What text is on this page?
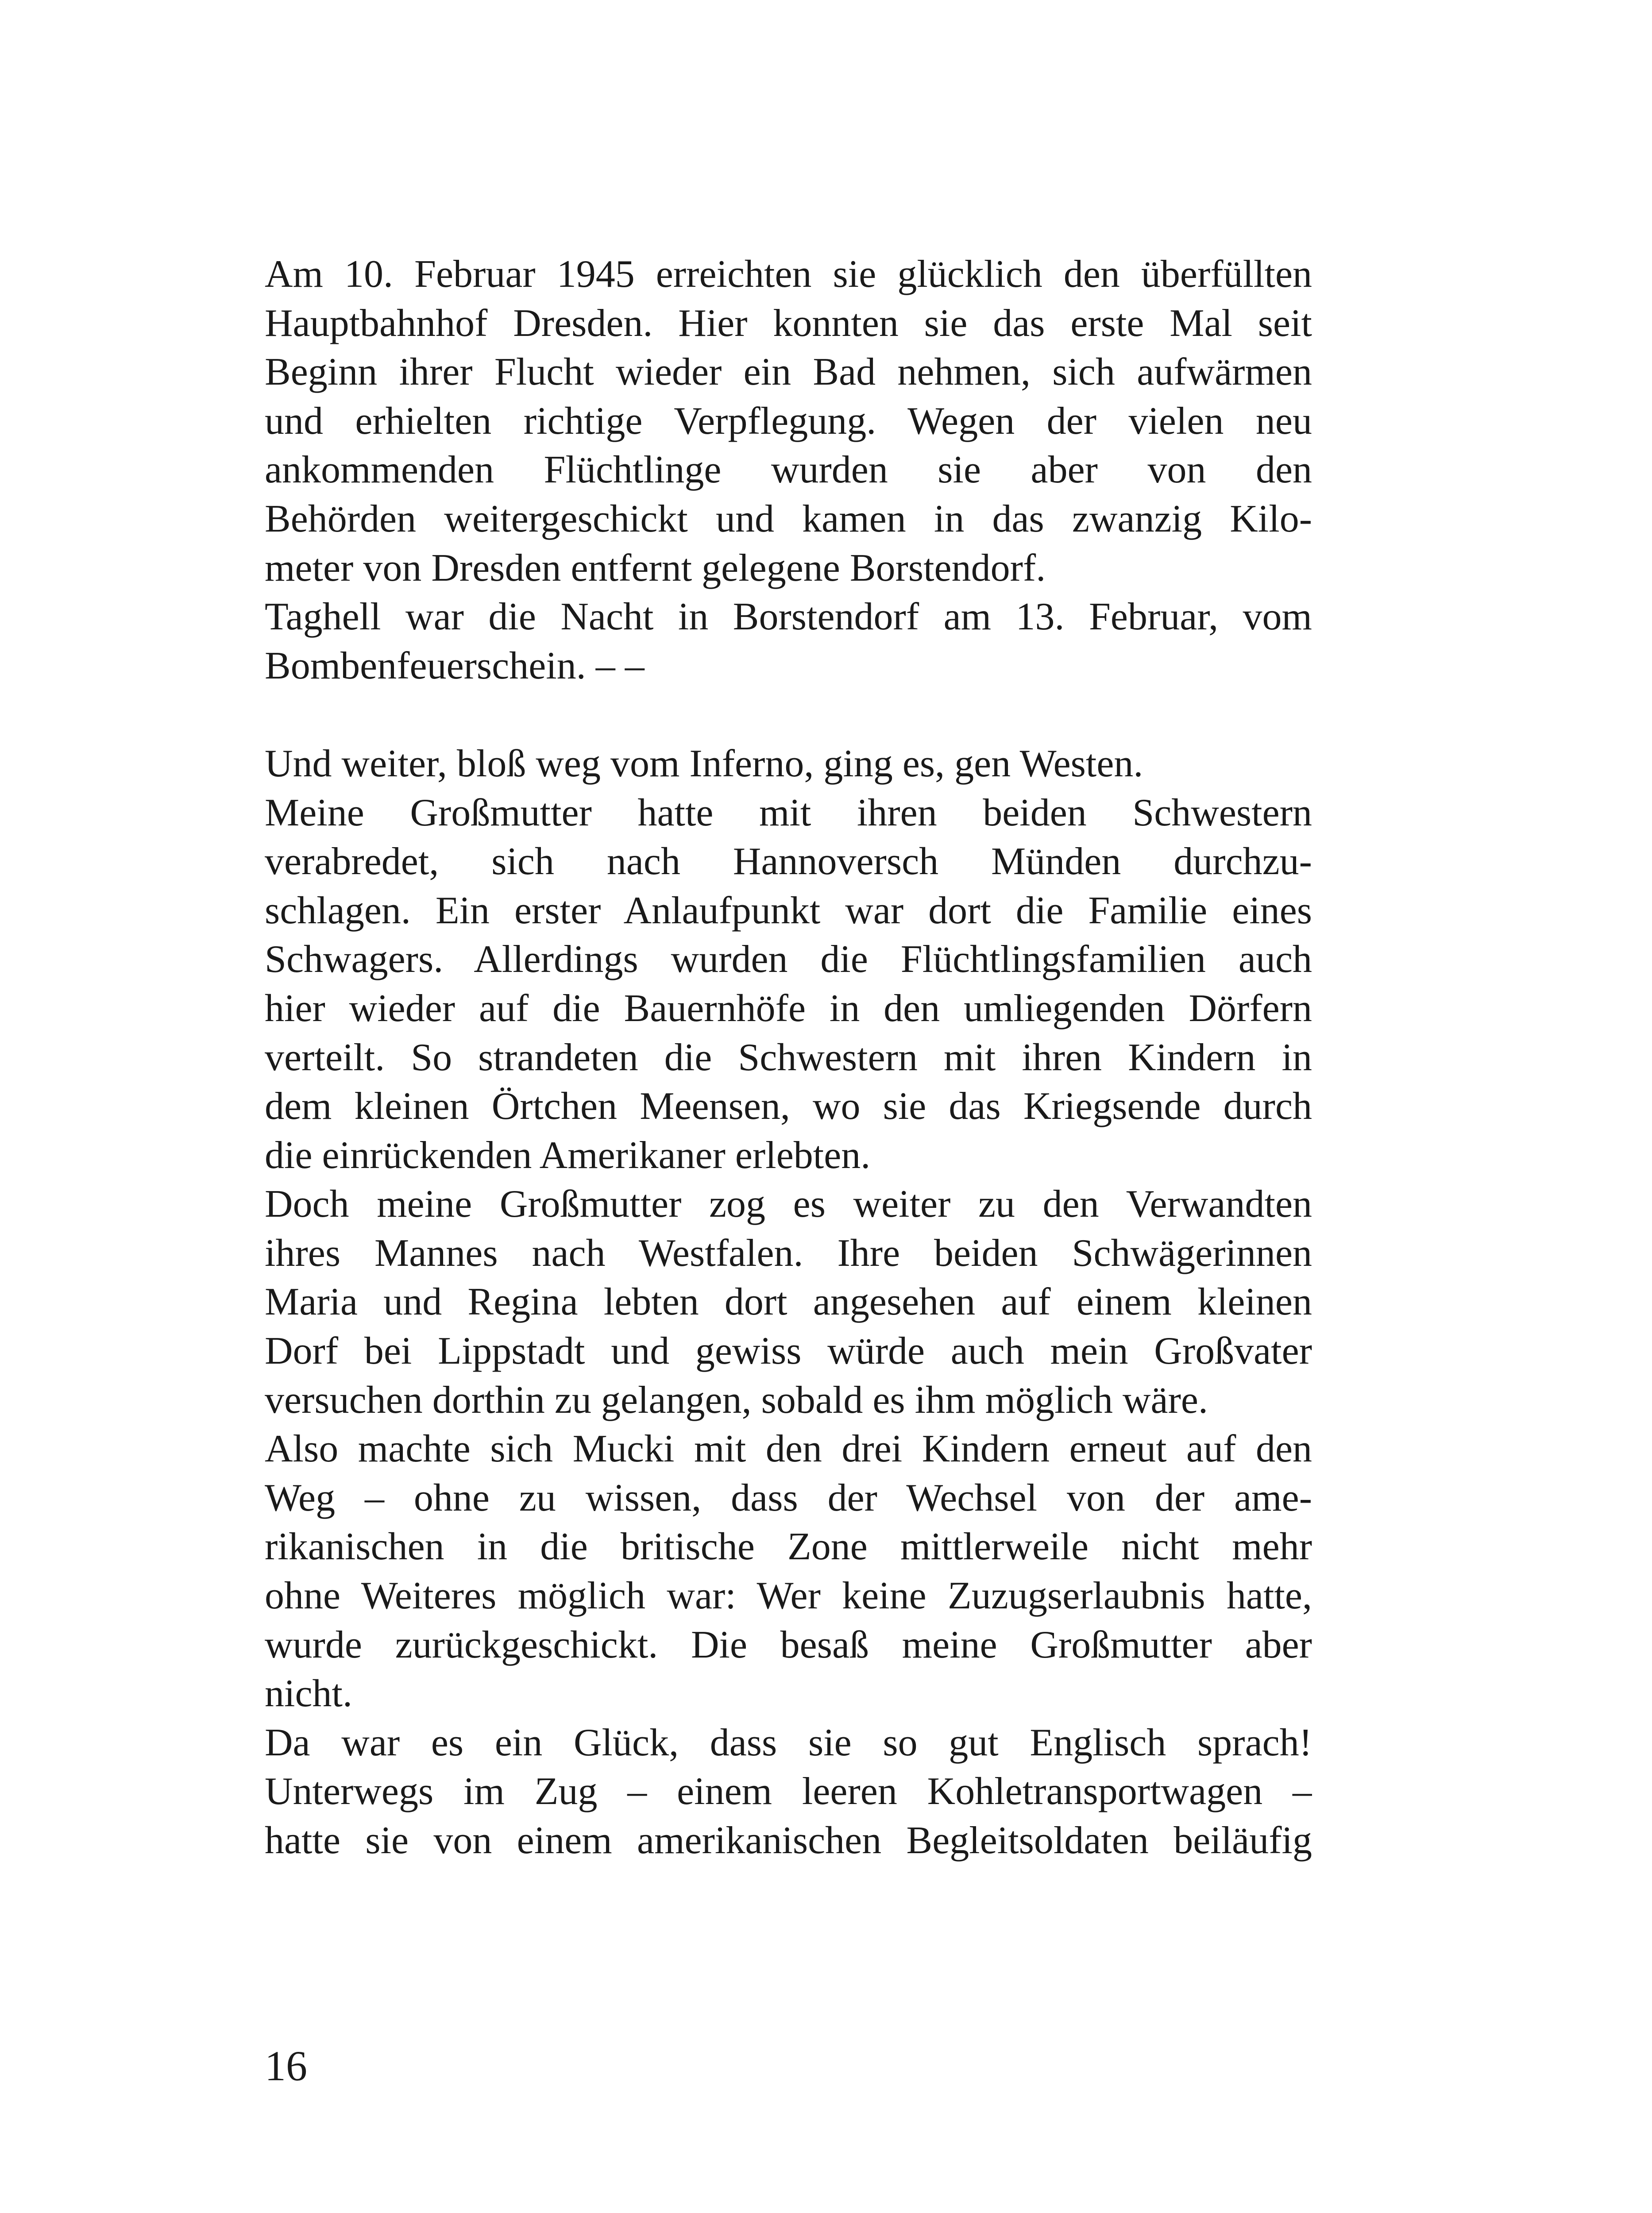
Am 10. Februar 1945 erreichten sie glücklich den überfüllten
Hauptbahnhof Dresden. Hier konnten sie das erste Mal seit
Beginn ihrer Flucht wieder ein Bad nehmen, sich aufwärmen
und erhielten richtige Verpflegung. Wegen der vielen neu
ankommenden Flüchtlinge wurden sie aber von den
Behörden weitergeschickt und kamen in das zwanzig Kilo-
meter von Dresden entfernt gelegene Borstendorf.
Taghell war die Nacht in Borstendorf am 13. Februar, vom
Bombenfeuerschein. – –
Und weiter, bloß weg vom Inferno, ging es, gen Westen.
Meine Großmutter hatte mit ihren beiden Schwestern
verabredet, sich nach Hannoversch Münden durchzu-
schlagen. Ein erster Anlaufpunkt war dort die Familie eines
Schwagers. Allerdings wurden die Flüchtlingsfamilien auch
hier wieder auf die Bauernhöfe in den umliegenden Dörfern
verteilt. So strandeten die Schwestern mit ihren Kindern in
dem kleinen Örtchen Meensen, wo sie das Kriegsende durch
die einrückenden Amerikaner erlebten.
Doch meine Großmutter zog es weiter zu den Verwandten
ihres Mannes nach Westfalen. Ihre beiden Schwägerinnen
Maria und Regina lebten dort angesehen auf einem kleinen
Dorf bei Lippstadt und gewiss würde auch mein Großvater
versuchen dorthin zu gelangen, sobald es ihm möglich wäre.
Also machte sich Mucki mit den drei Kindern erneut auf den
Weg – ohne zu wissen, dass der Wechsel von der ame-
rikanischen in die britische Zone mittlerweile nicht mehr
ohne Weiteres möglich war: Wer keine Zuzugserlaubnis hatte,
wurde zurückgeschickt. Die besaß meine Großmutter aber
nicht.
Da war es ein Glück, dass sie so gut Englisch sprach!
Unterwegs im Zug – einem leeren Kohletransportwagen –
hatte sie von einem amerikanischen Begleitsoldaten beiläufig
16
